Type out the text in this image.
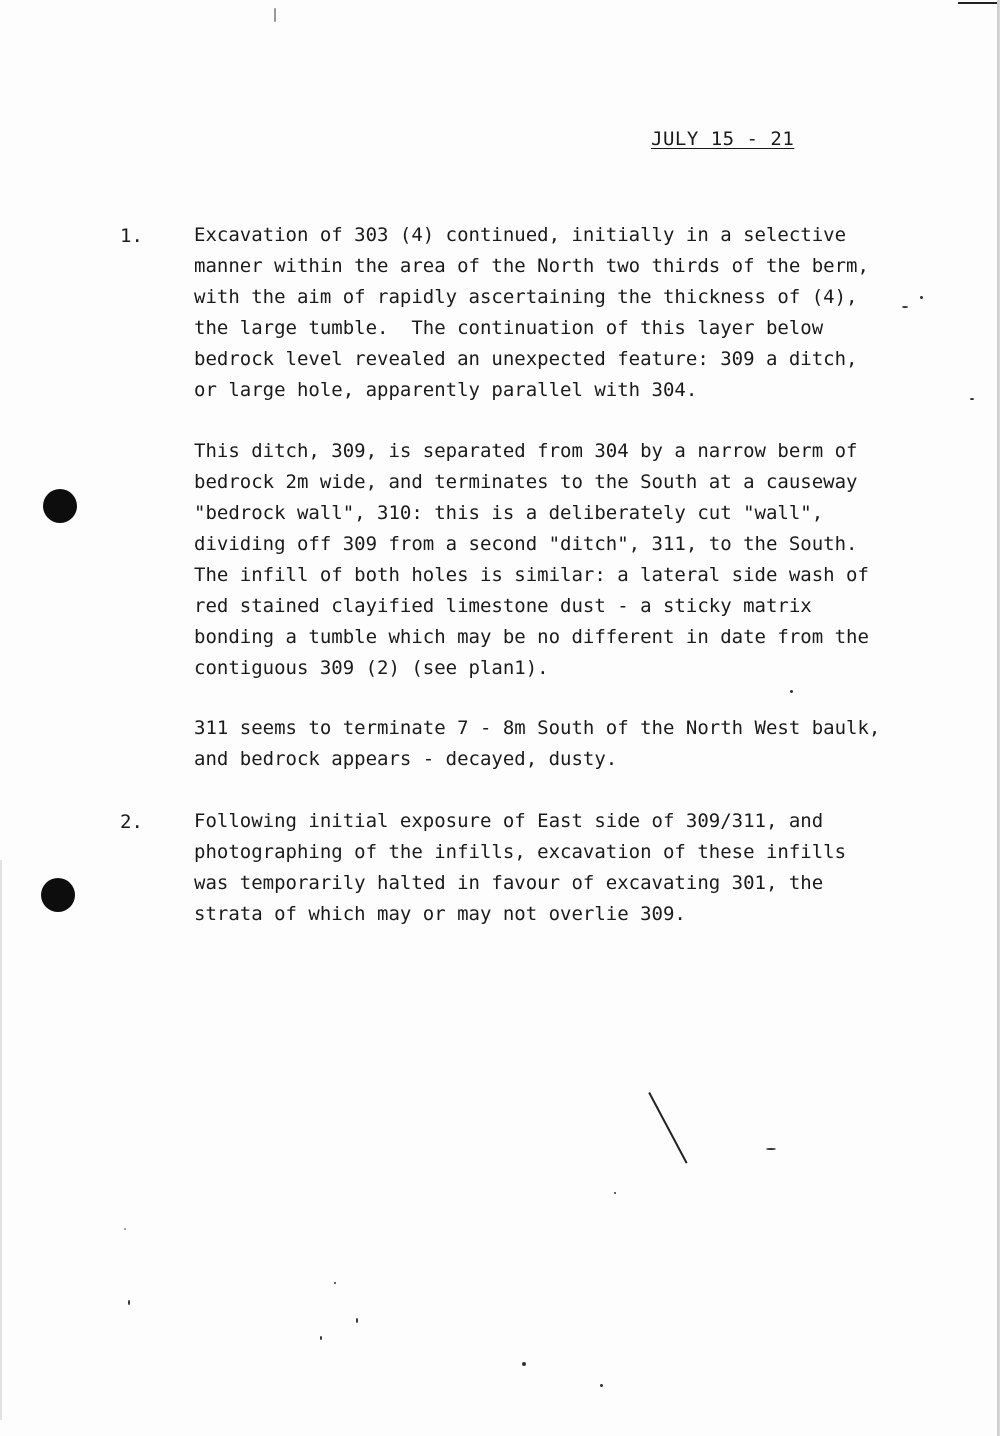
JULY 15 - 21
1.	Excavation of 303 (4) continued, initially in a selective
manner within the area of the North two thirds of the berm,
with the aim of rapidly ascertaining the thickness of (4),
the large tumble.  The continuation of this layer below
bedrock level revealed an unexpected feature: 309 a ditch,
or large hole, apparently parallel with 304.
This ditch, 309, is separated from 304 by a narrow berm of
bedrock 2m wide, and terminates to the South at a causeway
"bedrock wall", 310: this is a deliberately cut "wall",
dividing off 309 from a second "ditch", 311, to the South.
The infill of both holes is similar: a lateral side wash of
red stained clayified limestone dust - a sticky matrix
bonding a tumble which may be no different in date from the
contiguous 309 (2) (see plan1).
311 seems to terminate 7 - 8m South of the North West baulk,
and bedrock appears - decayed, dusty.
2.	Following initial exposure of East side of 309/311, and
photographing of the infills, excavation of these infills
was temporarily halted in favour of excavating 301, the
strata of which may or may not overlie 309.
